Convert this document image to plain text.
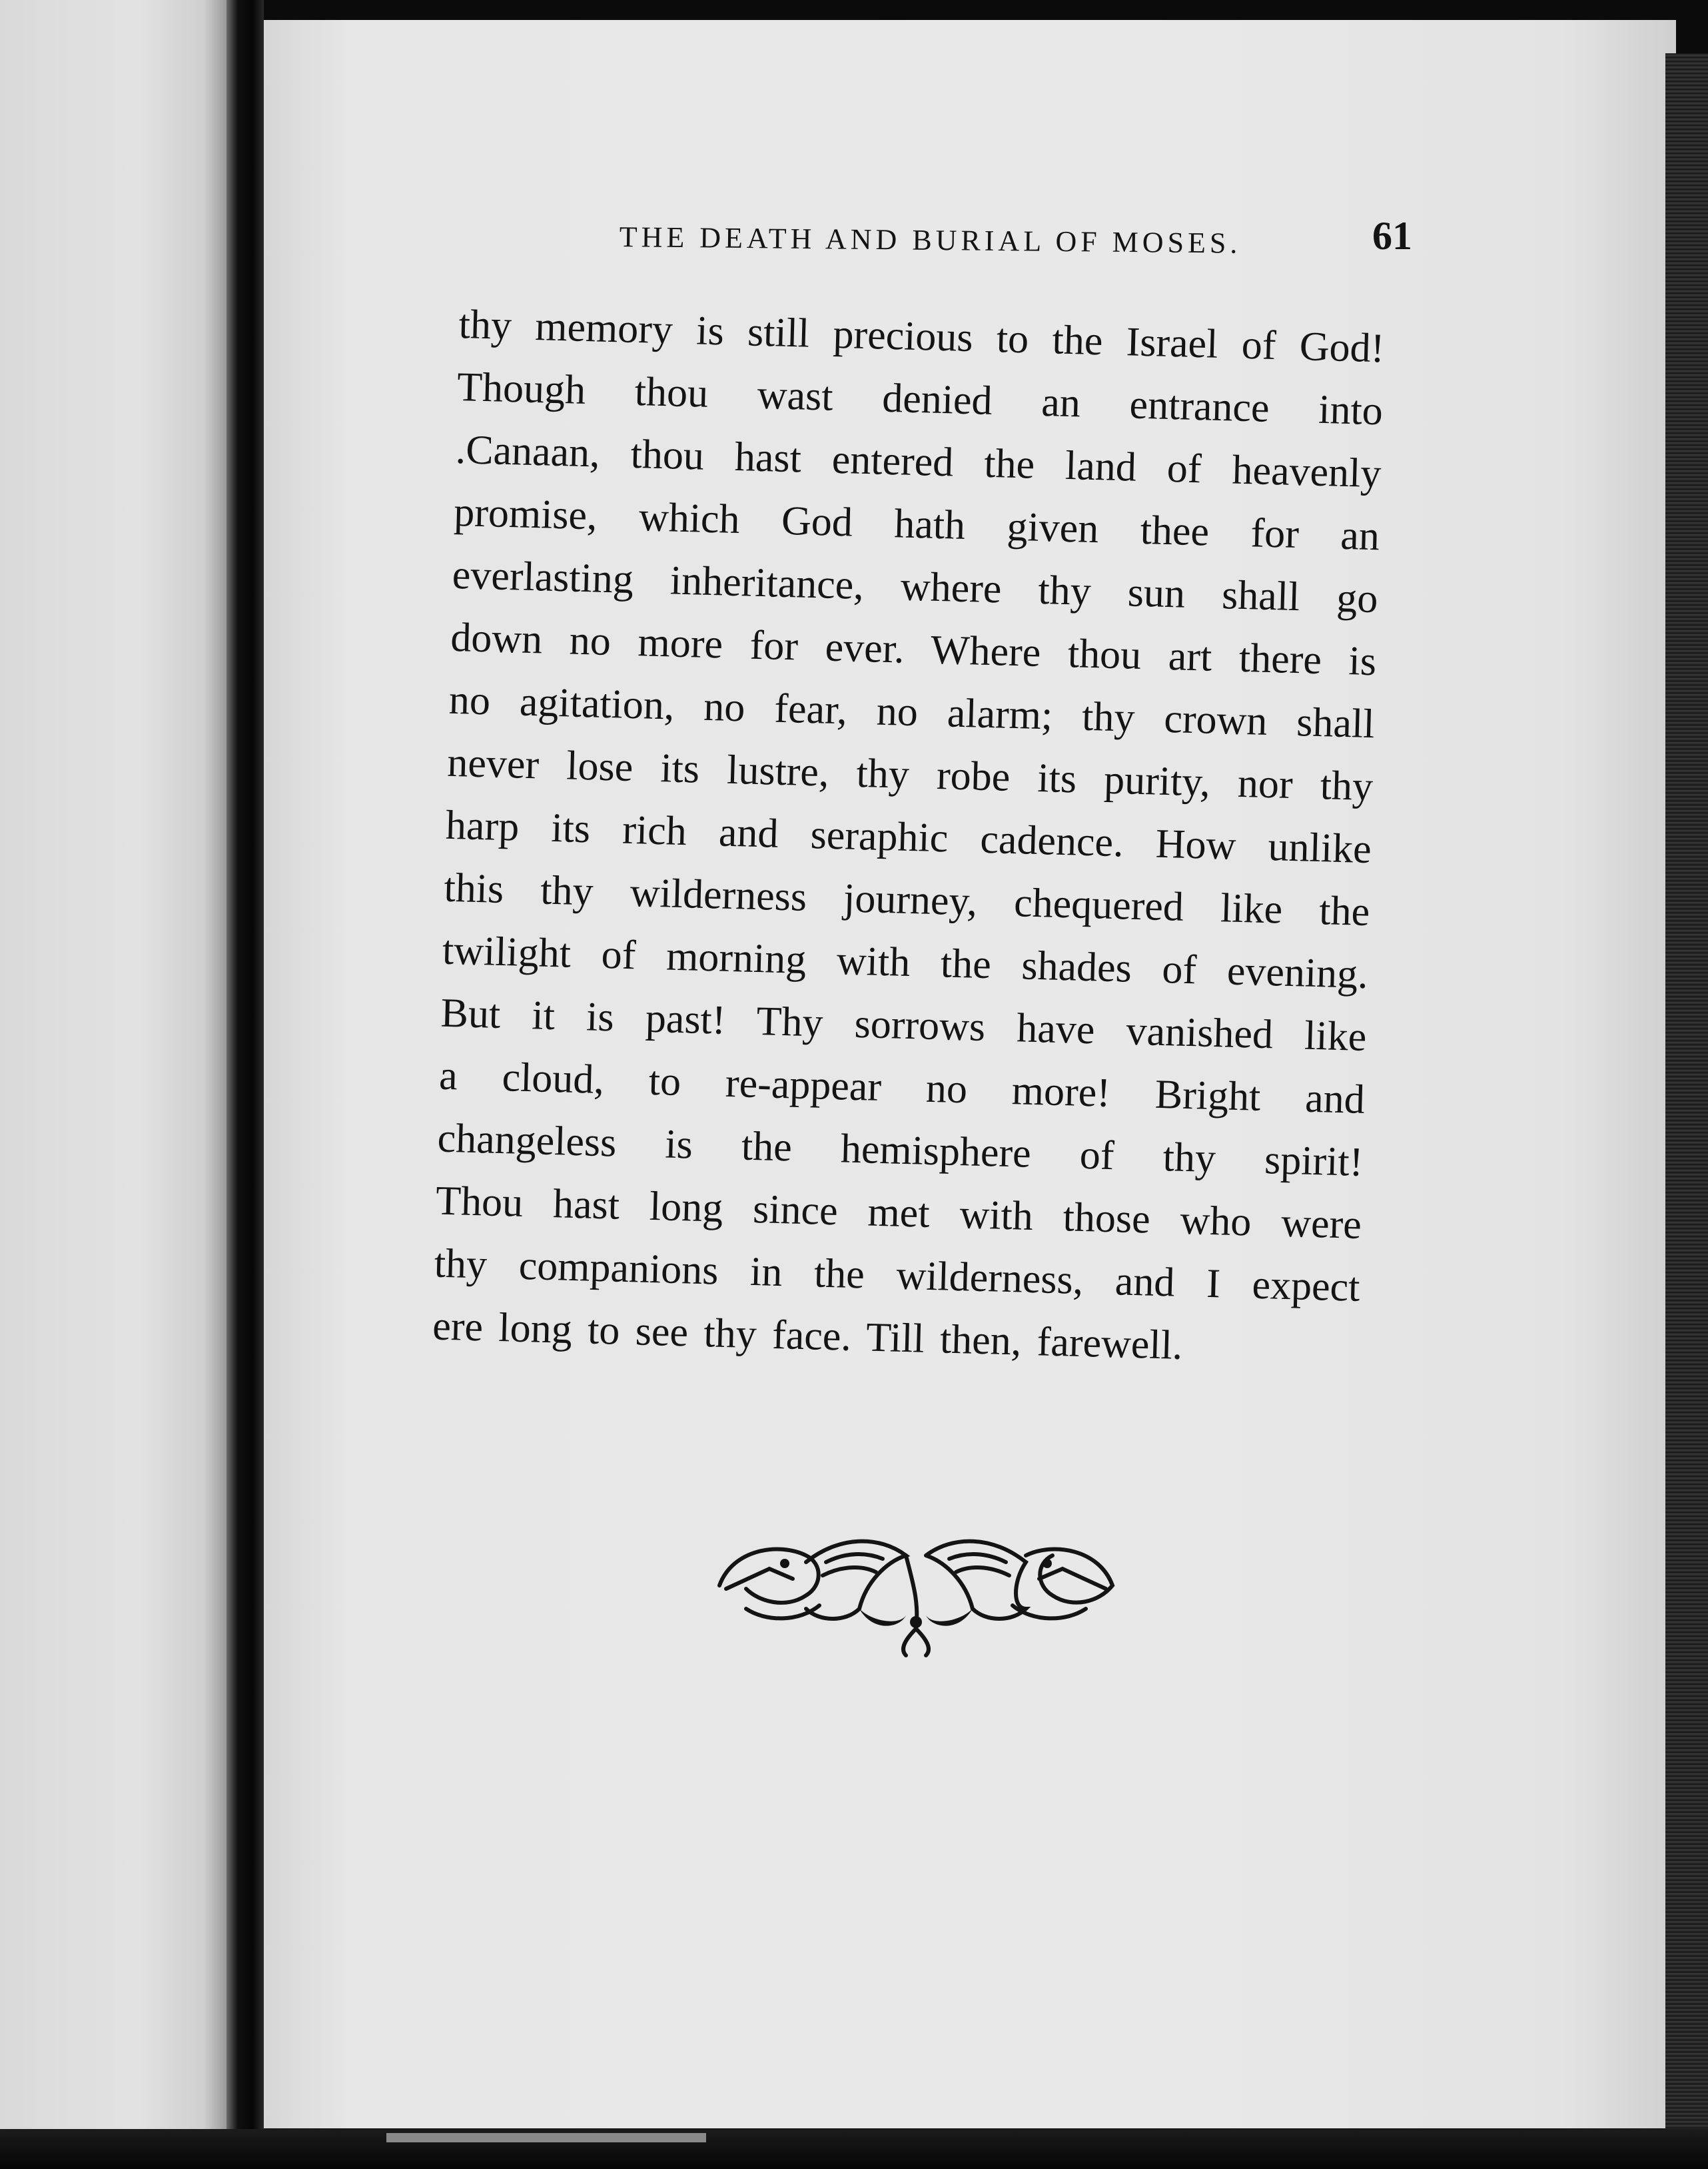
THE DEATH AND BURIAL OF MOSES.	61
thy memory is still precious to the Israel of God!
Though thou wast denied an entrance into
.Canaan, thou hast entered the land of heavenly
promise, which God hath given thee for an
everlasting inheritance, where thy sun shall go
down no more for ever. Where thou art there is
no agitation, no fear, no alarm; thy crown shall
never lose its lustre, thy robe its purity, nor thy
harp its rich and seraphic cadence. How unlike
this thy wilderness journey, chequered like the
twilight of morning with the shades of evening.
But it is past! Thy sorrows have vanished like
a cloud, to re-appear no more! Bright and
changeless is the hemisphere of thy spirit!
Thou hast long since met with those who were
thy companions in the wilderness, and I expect
ere long to see thy face. Till then, farewell.
